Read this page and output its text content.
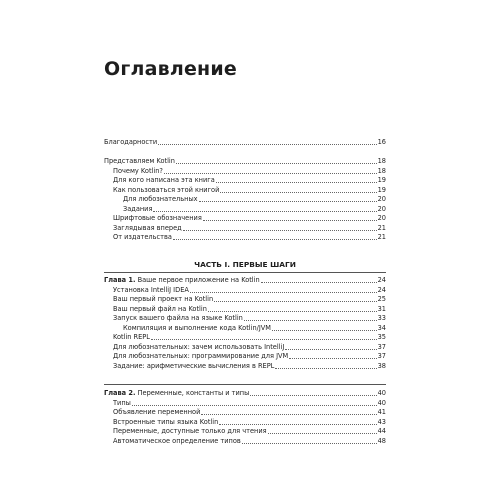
Оглавление
Благодарности	16
Представляем Kotlin	18
Почему Kotlin?	18
Для кого написана эта книга	19
Как пользоваться этой книгой	19
Для любознательных	20
Задания	20
Шрифтовые обозначения	20
Заглядывая вперед	21
От издательства	21
ЧАСТЬ I. ПЕРВЫЕ ШАГИ
Глава 1. Ваше первое приложение на Kotlin	24
Установка IntelliJ IDEA	24
Ваш первый проект на Kotlin	25
Ваш первый файл на Kotlin	31
Запуск вашего файла на языке Kotlin	33
Компиляция и выполнение кода Kotlin/JVM	34
Kotlin REPL	35
Для любознательных: зачем использовать IntelliJ	37
Для любознательных: программирование для JVM	37
Задание: арифметические вычисления в REPL	38
Глава 2. Переменные, константы и типы	40
Типы	40
Объявление переменной	41
Встроенные типы языка Kotlin	43
Переменные, доступные только для чтения	44
Автоматическое определение типов	48
